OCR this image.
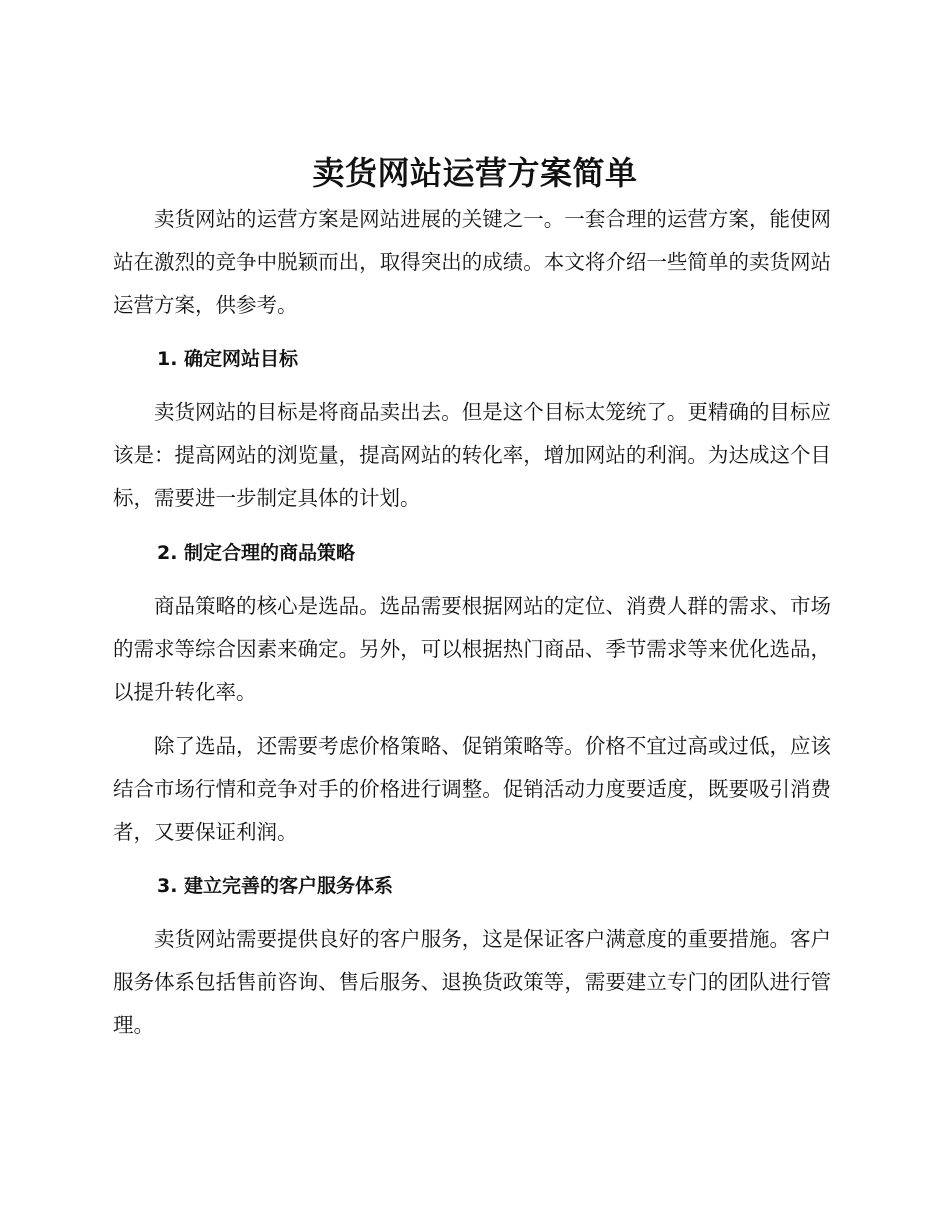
卖货网站运营方案简单

卖货网站的运营方案是网站进展的关键之一。一套合理的运营方案，能使网站在激烈的竞争中脱颖而出，取得突出的成绩。本文将介绍一些简单的卖货网站运营方案，供参考。

1. 确定网站目标

卖货网站的目标是将商品卖出去。但是这个目标太笼统了。更精确的目标应该是：提高网站的浏览量，提高网站的转化率，增加网站的利润。为达成这个目标，需要进一步制定具体的计划。

2. 制定合理的商品策略

商品策略的核心是选品。选品需要根据网站的定位、消费人群的需求、市场的需求等综合因素来确定。另外，可以根据热门商品、季节需求等来优化选品，以提升转化率。

除了选品，还需要考虑价格策略、促销策略等。价格不宜过高或过低，应该结合市场行情和竞争对手的价格进行调整。促销活动力度要适度，既要吸引消费者，又要保证利润。

3. 建立完善的客户服务体系

卖货网站需要提供良好的客户服务，这是保证客户满意度的重要措施。客户服务体系包括售前咨询、售后服务、退换货政策等，需要建立专门的团队进行管理。
